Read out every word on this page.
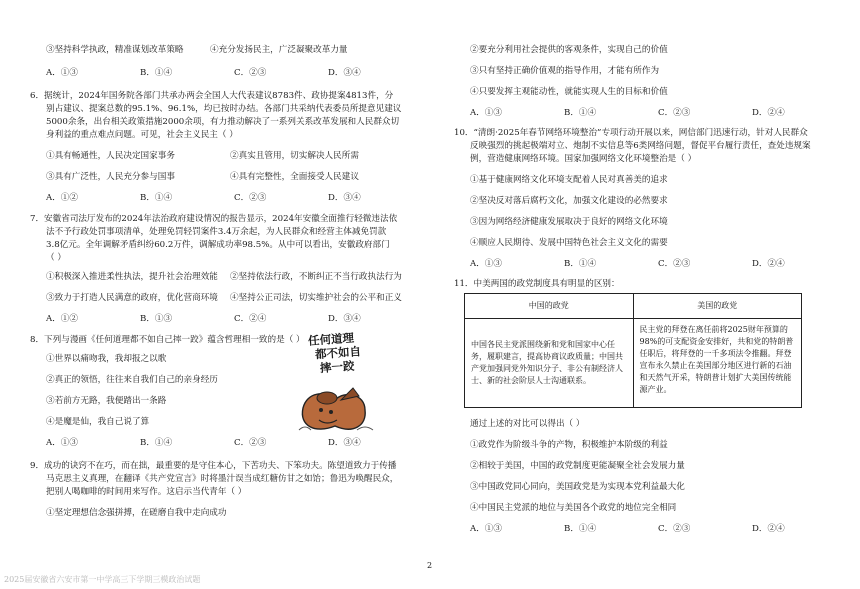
③坚持科学执政，精准谋划改革策略	④充分发扬民主，广泛凝聚改革力量
A．①③	B．①④	C．②③	D．③④
6．据统计，2024年国务院各部门共承办两会全国人大代表建议8783件、政协提案4813件，分
别占建议、提案总数的95.1%、96.1%，均已按时办结。各部门共采纳代表委员所提意见建议
5000余条，出台相关政策措施2000余项，有力推动解决了一系列关系改革发展和人民群众切
身利益的重点难点问题。可见，社会主义民主（ ）
①具有畅通性，人民决定国家事务	②真实且管用，切实解决人民所需
③具有广泛性，人民充分参与国事	④具有完整性，全面接受人民建议
A．①②	B．①④	C．②③	D．③④
7．安徽省司法厅发布的2024年法治政府建设情况的报告显示，2024年安徽全面推行轻微违法依
法不予行政处罚事项清单，处理免罚轻罚案件3.4万余起，为人民群众和经营主体减免罚款
3.8亿元。全年调解矛盾纠纷60.2万件，调解成功率98.5%。从中可以看出，安徽政府部门
（ ）
①积极深入推进柔性执法，提升社会治理效能 ②坚持依法行政，不断纠正不当行政执法行为
③致力于打造人民满意的政府，优化营商环境 ④坚持公正司法，切实维护社会的公平和正义
A．①②	B．①③	C．②④	D．③④
8．下列与漫画《任何道理都不如自己摔一跤》蕴含哲理相一致的是（ ）
①世界以痛吻我，我却报之以歌
②真正的领悟，往往来自我们自己的亲身经历
③若前方无路，我便踏出一条路
④是魔是仙，我自己说了算
A．①③	B．①④	C．②③	D．③④
9．成功的诀窍不在巧，而在拙，最重要的是守住本心，下苦功夫、下笨功夫。陈望道致力于传播
马克思主义真理，在翻译《共产党宣言》时将墨汁误当成红糖仿甘之如饴；鲁迅为唤醒民众，
把别人喝咖啡的时间用来写作。这启示当代青年（ ）
①坚定理想信念强拼搏，在磋磨自我中走向成功
任何道理
都不如自
摔一跤
②要充分利用社会提供的客观条件，实现自己的价值
③只有坚持正确价值观的指导作用，才能有所作为
④只要发挥主观能动性，就能实现人生的目标和价值
A．①③	B．①④	C．②③	D．②④
10．“清朗·2025年春节网络环境整治”专项行动开展以来，网信部门迅速行动，针对人民群众
反映强烈的挑起极端对立、炮制不实信息等6类网络问题，督促平台履行责任，查处违规案
例，营造健康网络环境。国家加强网络文化环境整治是（ ）
①基于健康网络文化环境支配着人民对真善美的追求
②坚决反对落后腐朽文化，加强文化建设的必然要求
③因为网络经济健康发展取决于良好的网络文化环境
④顺应人民期待、发展中国特色社会主义文化的需要
A．①③	B．①④	C．②③	D．②④
11．中美两国的政党制度具有明显的区别：
通过上述的对比可以得出（ ）
①政党作为阶级斗争的产物，积极维护本阶级的利益
②相较于美国，中国的政党制度更能凝聚全社会发展力量
③中国政党同心同向，美国政党是为实现本党利益最大化
④中国民主党派的地位与美国各个政党的地位完全相同
A．①③	B．①④	C．②③	D．②④
中国的政党	美国的政党
中国各民主党派围绕新和党和国家中心任务，履职建言，提高协商议政质量；中国共产党加强同党外知识分子、非公有制经济人士、新的社会阶层人士沟通联系。	民主党的拜登在离任前将2025财年预算的98%的可支配资金安排好，共和党的特朗普任职后，将拜登的一千多项法令推翻。拜登宣布永久禁止在美国部分地区进行新的石油和天然气开采，特朗普计划扩大美国传统能源产业。
2
2025届安徽省六安市第一中学高三下学期三模政治试题
